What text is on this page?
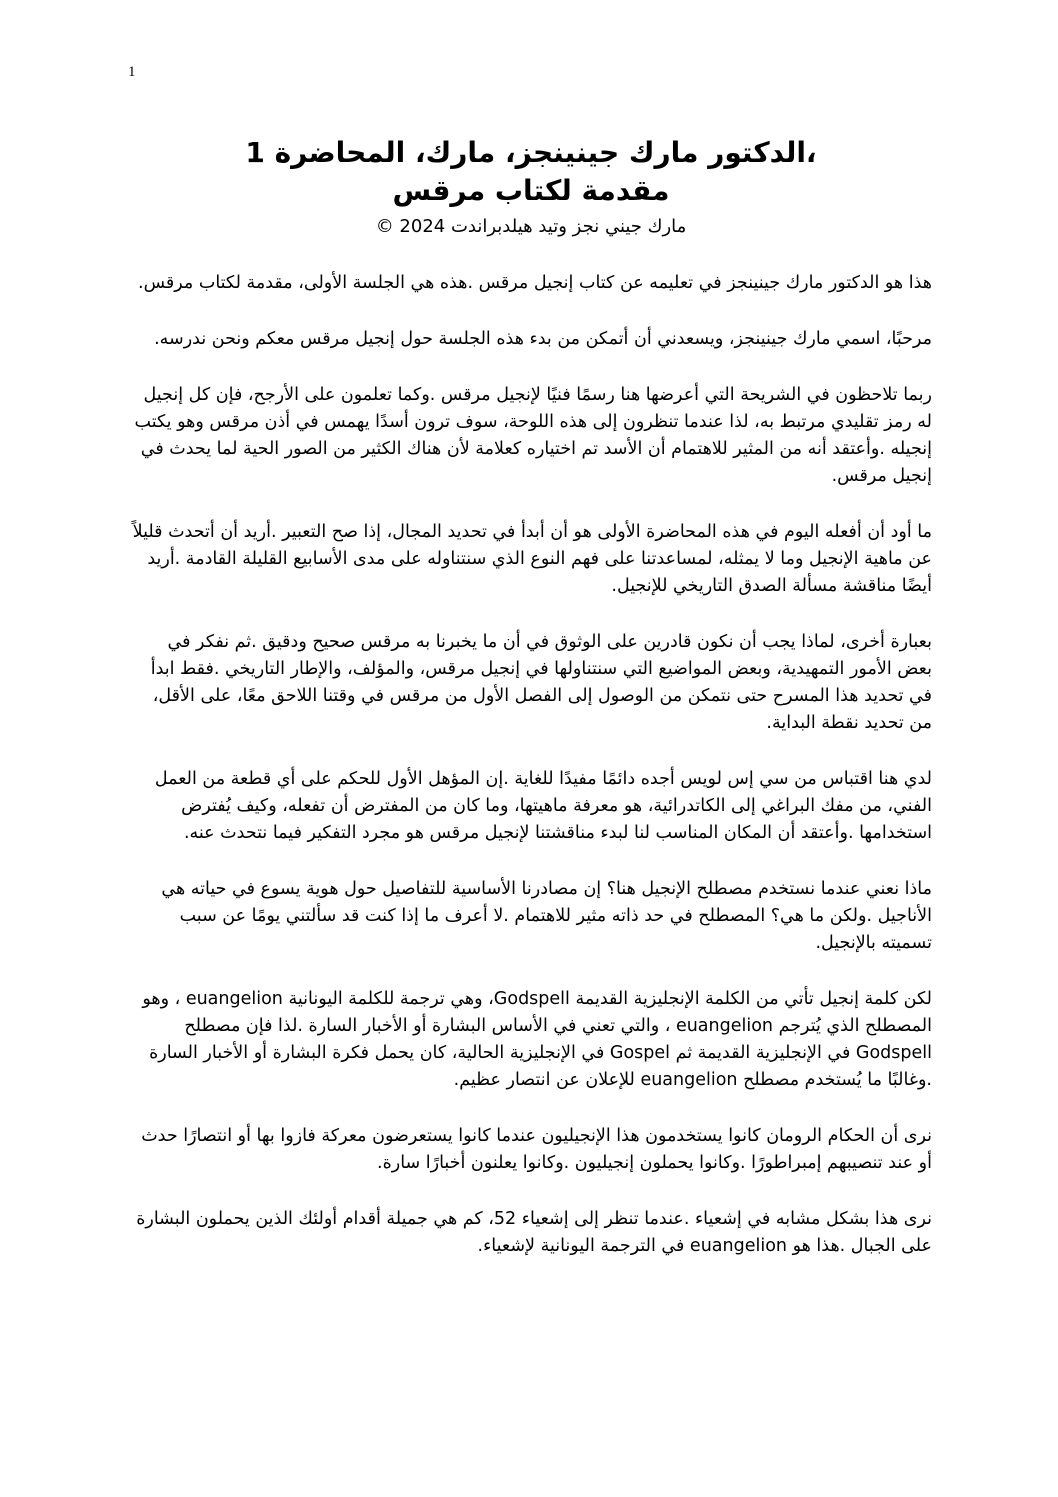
1
،الدكتور مارك جينينجز، مارك، المحاضرة 1
مقدمة لكتاب مرقس
مارك جيني نجز وتيد هيلدبراندت 2024 ©

هذا هو الدكتور مارك جينينجز في تعليمه عن كتاب إنجيل مرقس .هذه هي الجلسة الأولى، مقدمة لكتاب مرقس.

مرحبًا، اسمي مارك جينينجز، ويسعدني أن أتمكن من بدء هذه الجلسة حول إنجيل مرقس معكم ونحن ندرسه.

ربما تلاحظون في الشريحة التي أعرضها هنا رسمًا فنيًا لإنجيل مرقس .وكما تعلمون على الأرجح، فإن كل إنجيل له رمز تقليدي مرتبط به، لذا عندما تنظرون إلى هذه اللوحة، سوف ترون أسدًا يهمس في أذن مرقس وهو يكتب إنجيله .وأعتقد أنه من المثير للاهتمام أن الأسد تم اختياره كعلامة لأن هناك الكثير من الصور الحية لما يحدث في إنجيل مرقس.

ما أود أن أفعله اليوم في هذه المحاضرة الأولى هو أن أبدأ في تحديد المجال، إذا صح التعبير .أريد أن أتحدث قليلاً عن ماهية الإنجيل وما لا يمثله، لمساعدتنا على فهم النوع الذي سنتناوله على مدى الأسابيع القليلة القادمة .أريد أيضًا مناقشة مسألة الصدق التاريخي للإنجيل.

بعبارة أخرى، لماذا يجب أن نكون قادرين على الوثوق في أن ما يخبرنا به مرقس صحيح ودقيق .ثم نفكر في بعض الأمور التمهيدية، وبعض المواضيع التي سنتناولها في إنجيل مرقس، والمؤلف، والإطار التاريخي .فقط ابدأ في تحديد هذا المسرح حتى نتمكن من الوصول إلى الفصل الأول من مرقس في وقتنا اللاحق معًا، على الأقل، من تحديد نقطة البداية.

لدي هنا اقتباس من سي إس لويس أجده دائمًا مفيدًا للغاية .إن المؤهل الأول للحكم على أي قطعة من العمل الفني، من مفك البراغي إلى الكاتدرائية، هو معرفة ماهيتها، وما كان من المفترض أن تفعله، وكيف يُفترض استخدامها .وأعتقد أن المكان المناسب لنا لبدء مناقشتنا لإنجيل مرقس هو مجرد التفكير فيما نتحدث عنه.

ماذا نعني عندما نستخدم مصطلح الإنجيل هنا؟ إن مصادرنا الأساسية للتفاصيل حول هوية يسوع في حياته هي الأناجيل .ولكن ما هي؟ المصطلح في حد ذاته مثير للاهتمام .لا أعرف ما إذا كنت قد سألتني يومًا عن سبب تسميته بالإنجيل.

لكن كلمة إنجيل تأتي من الكلمة الإنجليزية القديمة Godspell، وهي ترجمة للكلمة اليونانية euangelion ، وهو المصطلح الذي يُترجم euangelion ، والتي تعني في الأساس البشارة أو الأخبار السارة .لذا فإن مصطلح Godspell في الإنجليزية القديمة ثم Gospel في الإنجليزية الحالية، كان يحمل فكرة البشارة أو الأخبار السارة .وغالبًا ما يُستخدم مصطلح euangelion للإعلان عن انتصار عظيم.

نرى أن الحكام الرومان كانوا يستخدمون هذا الإنجيليون عندما كانوا يستعرضون معركة فازوا بها أو انتصارًا حدث أو عند تنصيبهم إمبراطورًا .وكانوا يحملون إنجيليون .وكانوا يعلنون أخبارًا سارة.

نرى هذا بشكل مشابه في إشعياء .عندما تنظر إلى إشعياء 52، كم هي جميلة أقدام أولئك الذين يحملون البشارة على الجبال .هذا هو euangelion في الترجمة اليونانية لإشعياء.
